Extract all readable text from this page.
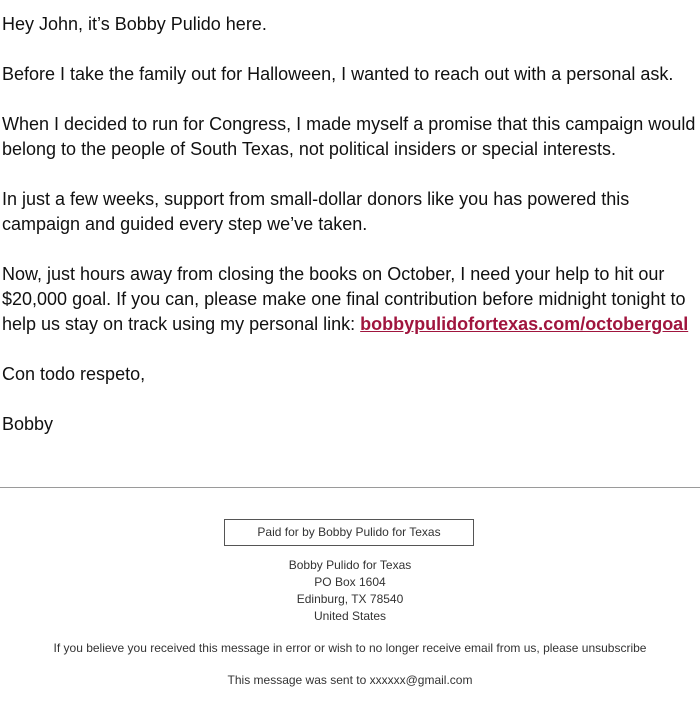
Hey John, it’s Bobby Pulido here.

Before I take the family out for Halloween, I wanted to reach out with a personal ask.

When I decided to run for Congress, I made myself a promise that this campaign would belong to the people of South Texas, not political insiders or special interests.

In just a few weeks, support from small-dollar donors like you has powered this campaign and guided every step we’ve taken.

Now, just hours away from closing the books on October, I need your help to hit our $20,000 goal. If you can, please make one final contribution before midnight tonight to help us stay on track using my personal link: bobbypulidofortexas.com/octobergoal

Con todo respeto,

Bobby

Paid for by Bobby Pulido for Texas
Bobby Pulido for Texas
PO Box 1604
Edinburg, TX 78540
United States
If you believe you received this message in error or wish to no longer receive email from us, please unsubscribe
This message was sent to xxxxxx@gmail.com
